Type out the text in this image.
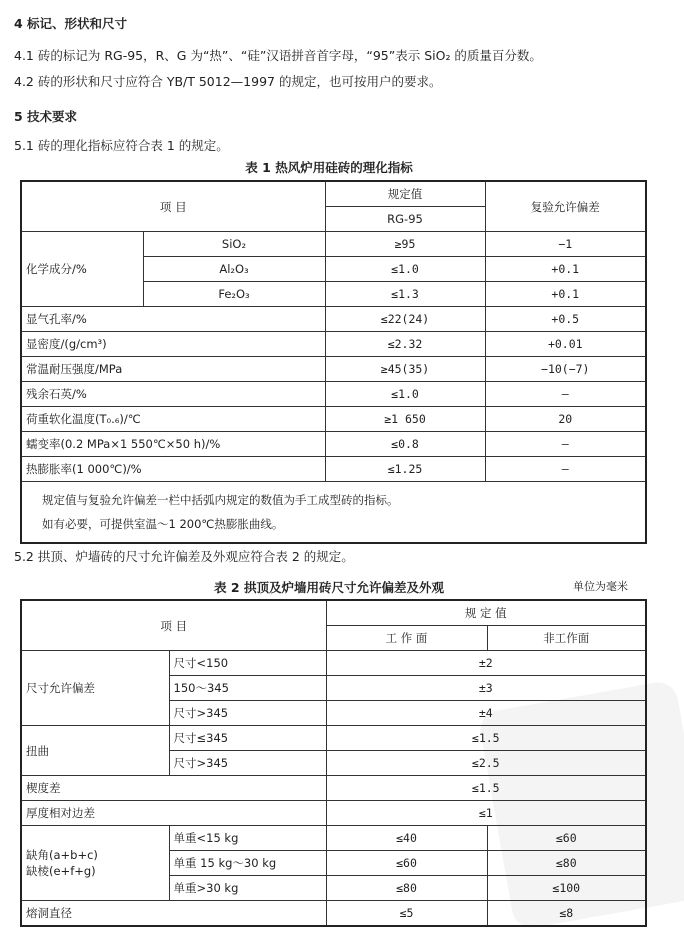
4 标记、形状和尺寸
4.1 砖的标记为 RG-95，R、G 为“热”、“硅”汉语拼音首字母，“95”表示 SiO₂ 的质量百分数。
4.2 砖的形状和尺寸应符合 YB/T 5012—1997 的规定，也可按用户的要求。
5 技术要求
5.1 砖的理化指标应符合表 1 的规定。
表 1 热风炉用硅砖的理化指标
项 目		规定值	复验允许偏差
		RG-95	
化学成分/%	SiO₂	≥95	−1
	Al₂O₃	≤1.0	+0.1
	Fe₂O₃	≤1.3	+0.1
显气孔率/%		≤22(24)	+0.5
显密度/(g/cm³)		≤2.32	+0.01
常温耐压强度/MPa		≥45(35)	−10(−7)
残余石英/%		≤1.0	—
荷重软化温度(T₀.₆)/℃		≥1 650	20
蠕变率(0.2 MPa×1 550℃×50 h)/%		≤0.8	—
热膨胀率(1 000℃)/%		≤1.25	—

规定值与复验允许偏差一栏中括弧内规定的数值为手工成型砖的指标。
如有必要，可提供室温～1 200℃热膨胀曲线。			
5.2 拱顶、炉墙砖的尺寸允许偏差及外观应符合表 2 的规定。
表 2 拱顶及炉墙用砖尺寸允许偏差及外观	单位为毫米
项 目		规 定 值	
		工 作 面	非工作面
尺寸允许偏差	尺寸<150	±2	
	150～345	±3	
	尺寸>345	±4	
扭曲	尺寸≤345	≤1.5	
	尺寸>345	≤2.5	
楔度差		≤1.5	
厚度相对边差		≤1	

缺角(a+b+c)
缺棱(e+f+g)	单重<15 kg	≤40	≤60
	单重 15 kg～30 kg	≤60	≤80
	单重>30 kg	≤80	≤100
熔洞直径		≤5	≤8
